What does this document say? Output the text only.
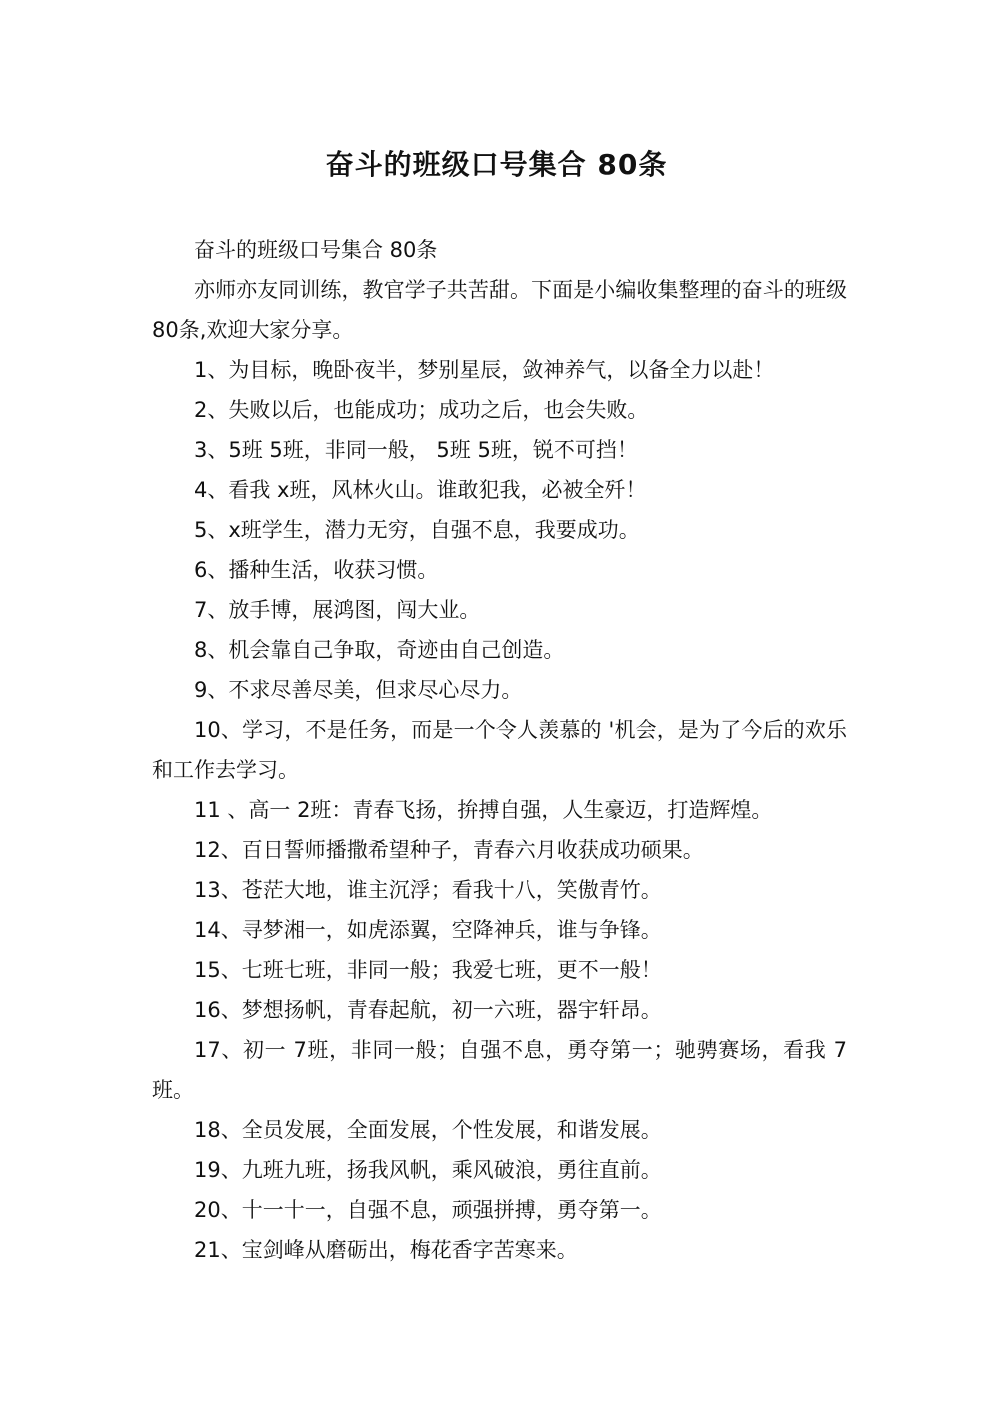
奋斗的班级口号集合 80条

奋斗的班级口号集合 80条

亦师亦友同训练，教官学子共苦甜。下面是小编收集整理的奋斗的班级 80条,欢迎大家分享。

1、为目标，晚卧夜半，梦别星辰，敛神养气，以备全力以赴！

2、失败以后，也能成功；成功之后，也会失败。

3、5班 5班，非同一般， 5班 5班，锐不可挡！

4、看我 x班，风林火山。谁敢犯我，必被全歼！

5、x班学生，潜力无穷，自强不息，我要成功。

6、播种生活，收获习惯。

7、放手博，展鸿图，闯大业。

8、机会靠自己争取，奇迹由自己创造。

9、不求尽善尽美，但求尽心尽力。

10、学习，不是任务，而是一个令人羡慕的 '机会，是为了今后的欢乐和工作去学习。

11 、高一 2班：青春飞扬，拚搏自强，人生豪迈，打造辉煌。

12、百日誓师播撒希望种子，青春六月收获成功硕果。

13、苍茫大地，谁主沉浮；看我十八，笑傲青竹。

14、寻梦湘一，如虎添翼，空降神兵，谁与争锋。

15、七班七班，非同一般；我爱七班，更不一般！

16、梦想扬帆，青春起航，初一六班，器宇轩昂。

17、初一 7班，非同一般；自强不息，勇夺第一；驰骋赛场，看我 7班。

18、全员发展，全面发展，个性发展，和谐发展。

19、九班九班，扬我风帆，乘风破浪，勇往直前。

20、十一十一，自强不息，顽强拼搏，勇夺第一。

21、宝剑峰从磨砺出，梅花香字苦寒来。
